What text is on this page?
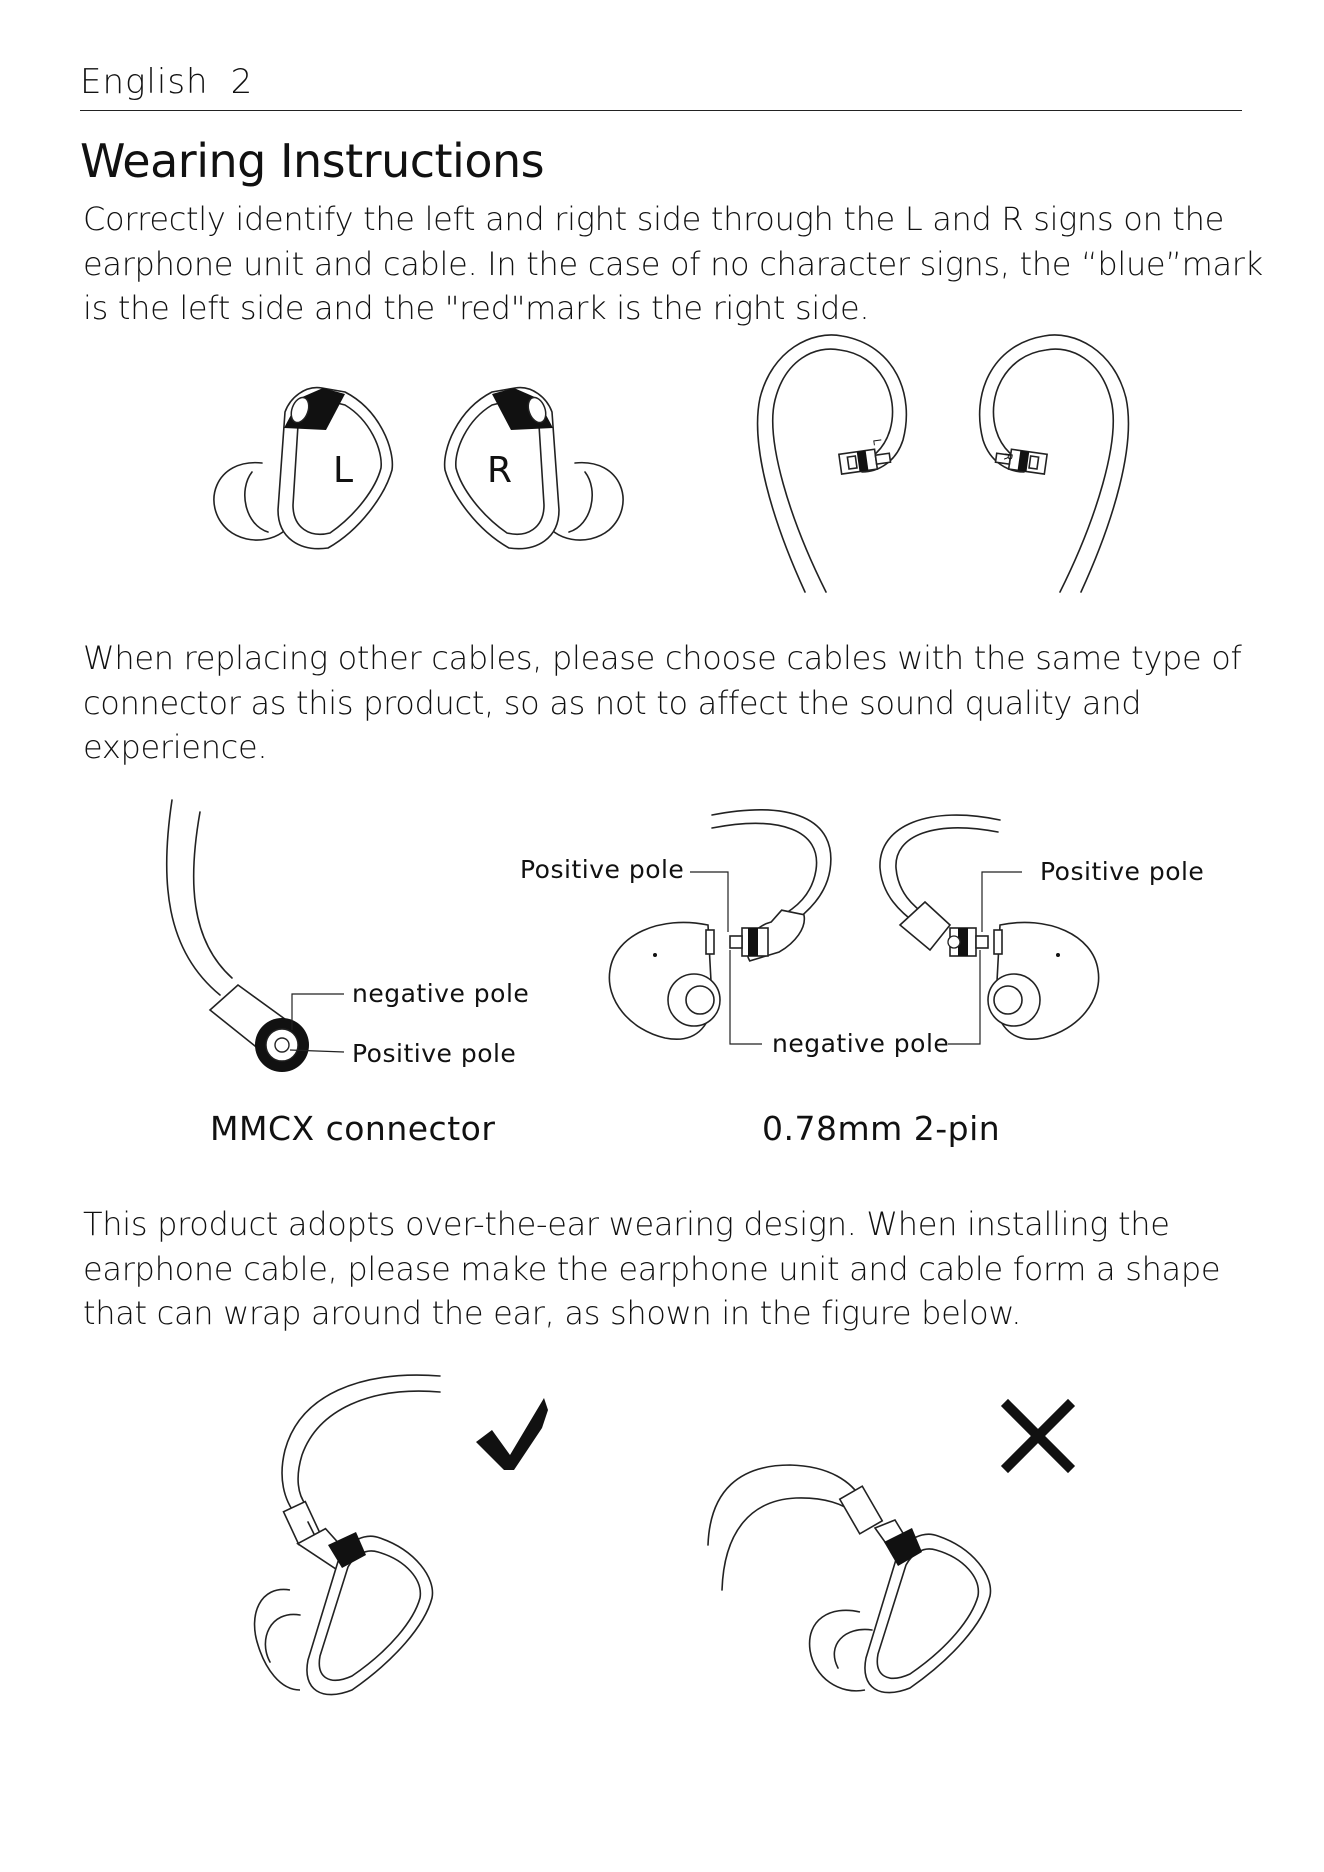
English 2
Wearing Instructions

Correctly identify the left and right side through the L and R signs on the earphone unit and cable. In the case of no character signs, the “blue”mark is the left side and the "red"mark is the right side.

L	R
L
R

When replacing other cables, please choose cables with the same type of connector as this product, so as not to affect the sound quality and experience.

negative pole
Positive pole
MMCX connector
Positive pole	Positive pole
negative pole
0.78mm 2-pin

This product adopts over-the-ear wearing design. When installing the earphone cable, please make the earphone unit and cable form a shape that can wrap around the ear, as shown in the figure below.
